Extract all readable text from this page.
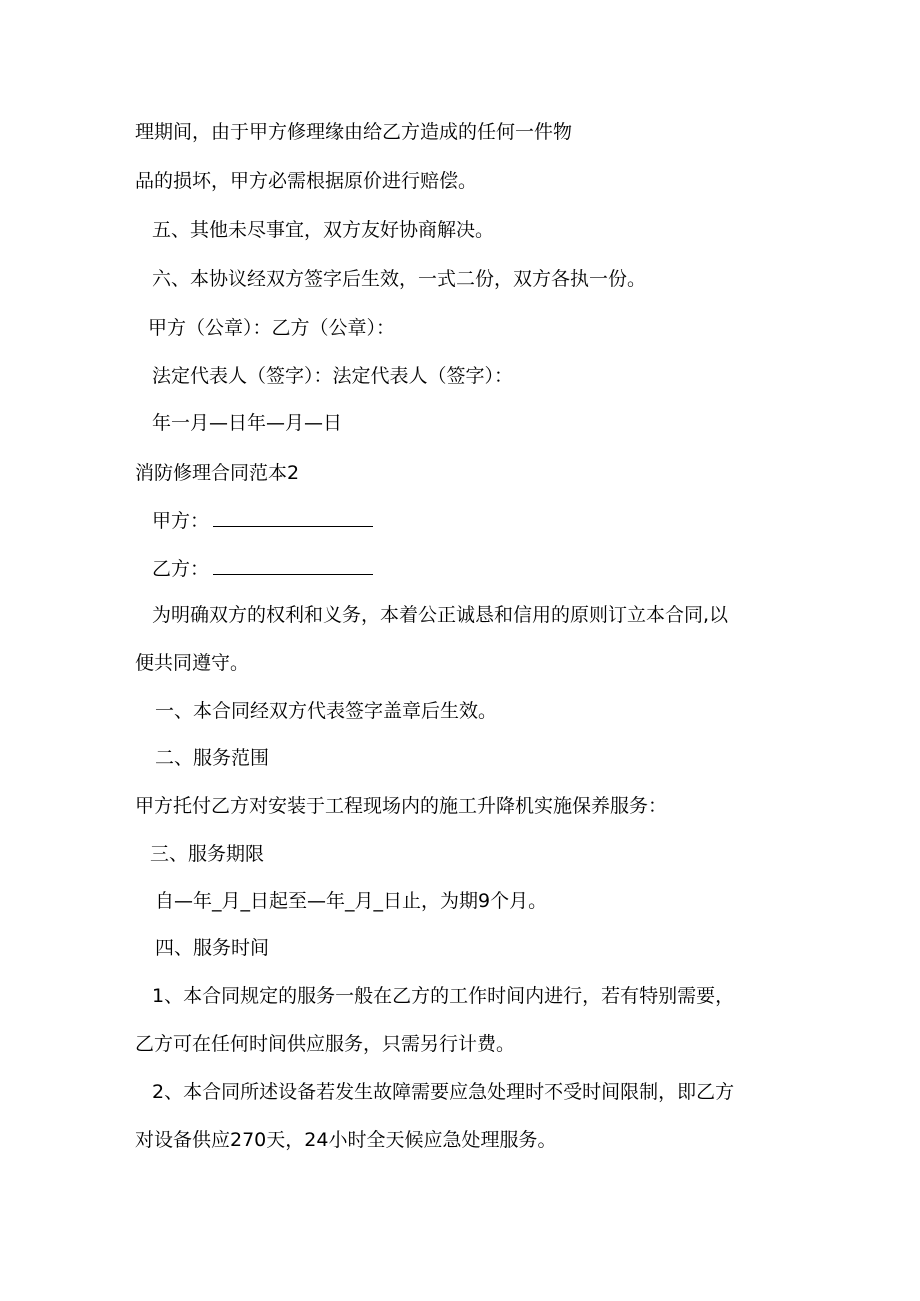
理期间，由于甲方修理缘由给乙方造成的任何一件物
品的损坏，甲方必需根据原价进行赔偿。
五、其他未尽事宜，双方友好协商解决。
六、本协议经双方签字后生效，一式二份，双方各执一份。
甲方（公章）：乙方（公章）：
法定代表人（签字）：法定代表人（签字）：
年一月—日年—月—日
消防修理合同范本2
甲方：
乙方：
为明确双方的权利和义务，本着公正诚恳和信用的原则订立本合同,以
便共同遵守。
一、本合同经双方代表签字盖章后生效。
二、服务范围
甲方托付乙方对安装于工程现场内的施工升降机实施保养服务：
三、服务期限
自—年_月_日起至—年_月_日止，为期9个月。
四、服务时间
1、本合同规定的服务一般在乙方的工作时间内进行，若有特别需要，
乙方可在任何时间供应服务，只需另行计费。
2、本合同所述设备若发生故障需要应急处理时不受时间限制，即乙方
对设备供应270天，24小时全天候应急处理服务。
